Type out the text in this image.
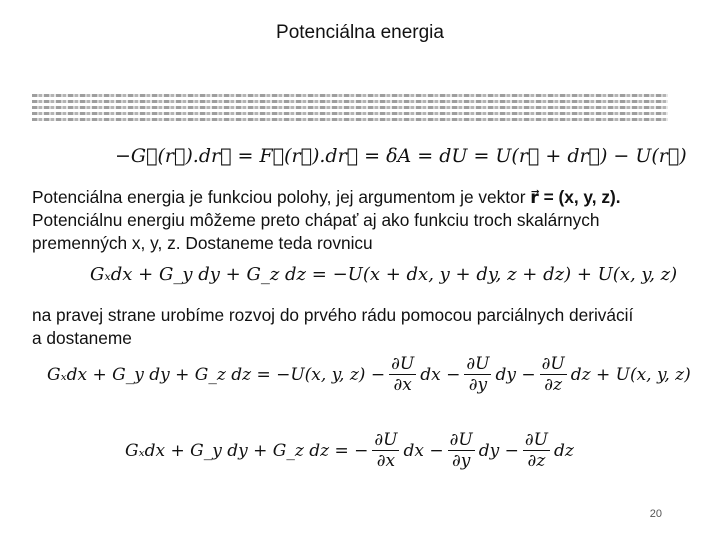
Potenciálna energia
−G⃗(r⃗).dr⃗ = F⃗(r⃗).dr⃗ = δA = dU = U(r⃗ + dr⃗) − U(r⃗)
Potenciálna energia je funkciou polohy, jej argumentom je vektor r⃗ = (x, y, z).
Potenciálnu energiu môžeme preto chápať aj ako funkciu troch skalárnych
premenných x, y, z. Dostaneme teda rovnicu
Gₓdx + G_y dy + G_z dz = −U(x + dx, y + dy, z + dz) + U(x, y, z)
na pravej strane urobíme rozvoj do prvého rádu pomocou parciálnych derivácií
a dostaneme
Gₓdx + G_y dy + G_z dz = −U(x, y, $z) - \frac{\partial U}{\partial x}$ dx − $\frac{\partial U}{\partial y}$ dy − $\frac{\partial U}{\partial z}$ dz + U(x, y, z)
Gₓdx + G_y dy + G_z dz = − $\frac{\partial U}{\partial x}$ dx − $\frac{\partial U}{\partial y}$ dy − $\frac{\partial U}{\partial z}$ dz
20
